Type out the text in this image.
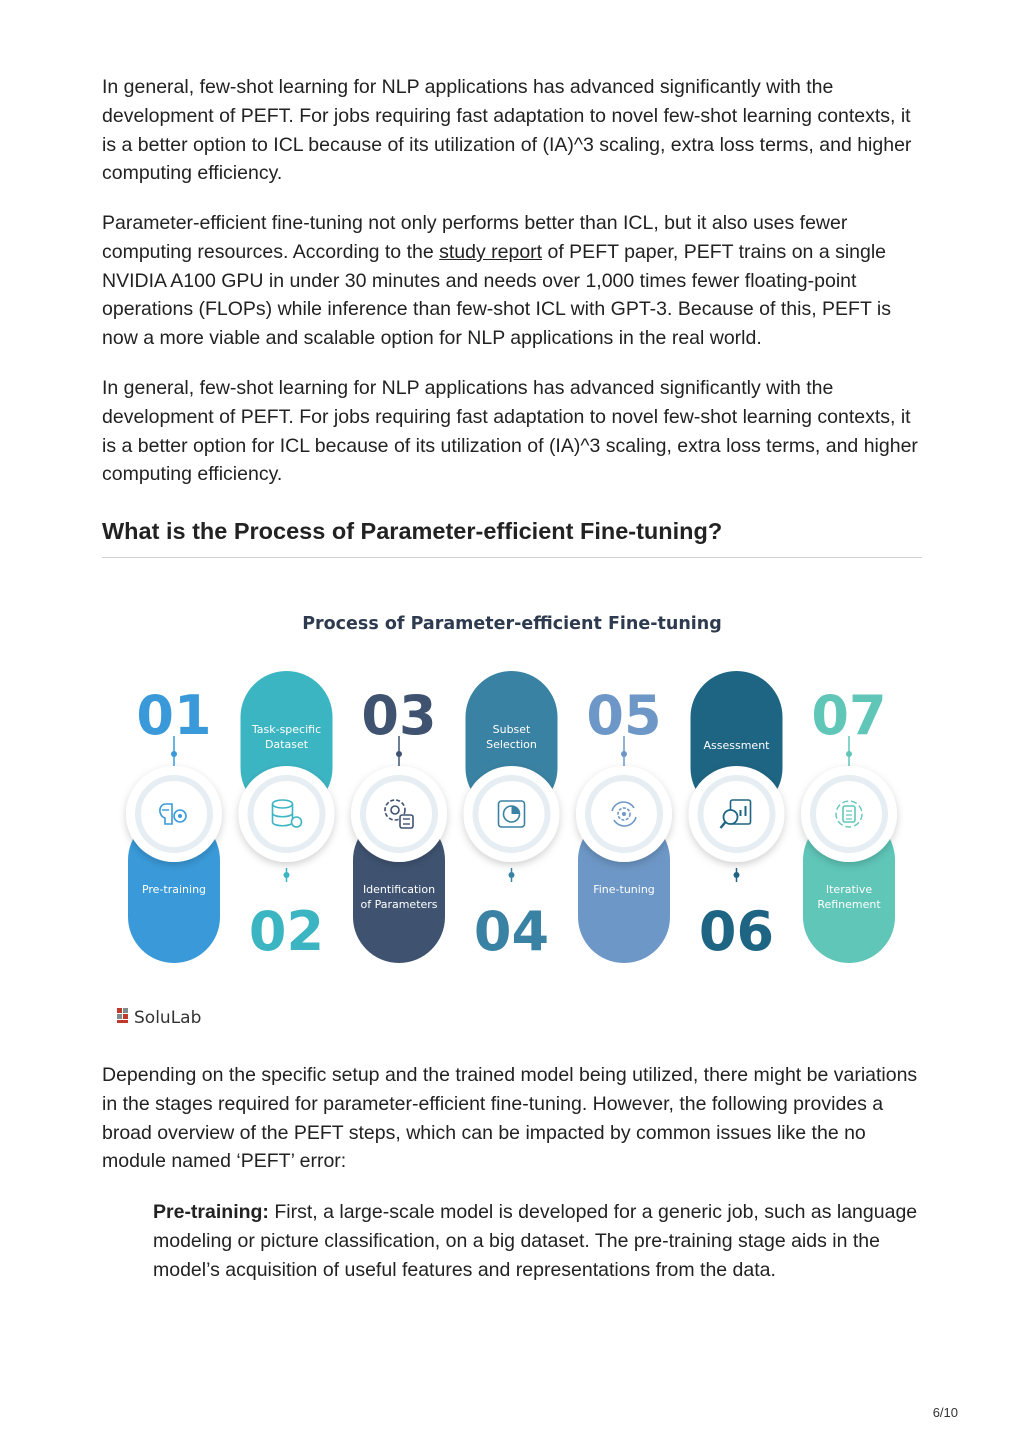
In general, few-shot learning for NLP applications has advanced significantly with the development of PEFT. For jobs requiring fast adaptation to novel few-shot learning contexts, it is a better option to ICL because of its utilization of (IA)^3 scaling, extra loss terms, and higher computing efficiency.

Parameter-efficient fine-tuning not only performs better than ICL, but it also uses fewer computing resources. According to the study report of PEFT paper, PEFT trains on a single NVIDIA A100 GPU in under 30 minutes and needs over 1,000 times fewer floating-point operations (FLOPs) while inference than few-shot ICL with GPT-3. Because of this, PEFT is now a more viable and scalable option for NLP applications in the real world.

In general, few-shot learning for NLP applications has advanced significantly with the development of PEFT. For jobs requiring fast adaptation to novel few-shot learning contexts, it is a better option for ICL because of its utilization of (IA)^3 scaling, extra loss terms, and higher computing efficiency.

What is the Process of Parameter-efficient Fine-tuning?
Process of Parameter-efficient Fine-tuning
01
Pre-training
02
Task-specific
Dataset 03
Identification
of Parameters 04
Subset
Selection 05
Fine-tuning
06
Assessment 07
Iterative
Refinement
SoluLab

Depending on the specific setup and the trained model being utilized, there might be variations in the stages required for parameter-efficient fine-tuning. However, the following provides a broad overview of the PEFT steps, which can be impacted by common issues like the no module named ‘PEFT’ error:

Pre-training: First, a large-scale model is developed for a generic job, such as language modeling or picture classification, on a big dataset. The pre-training stage aids in the model’s acquisition of useful features and representations from the data.

6/10
